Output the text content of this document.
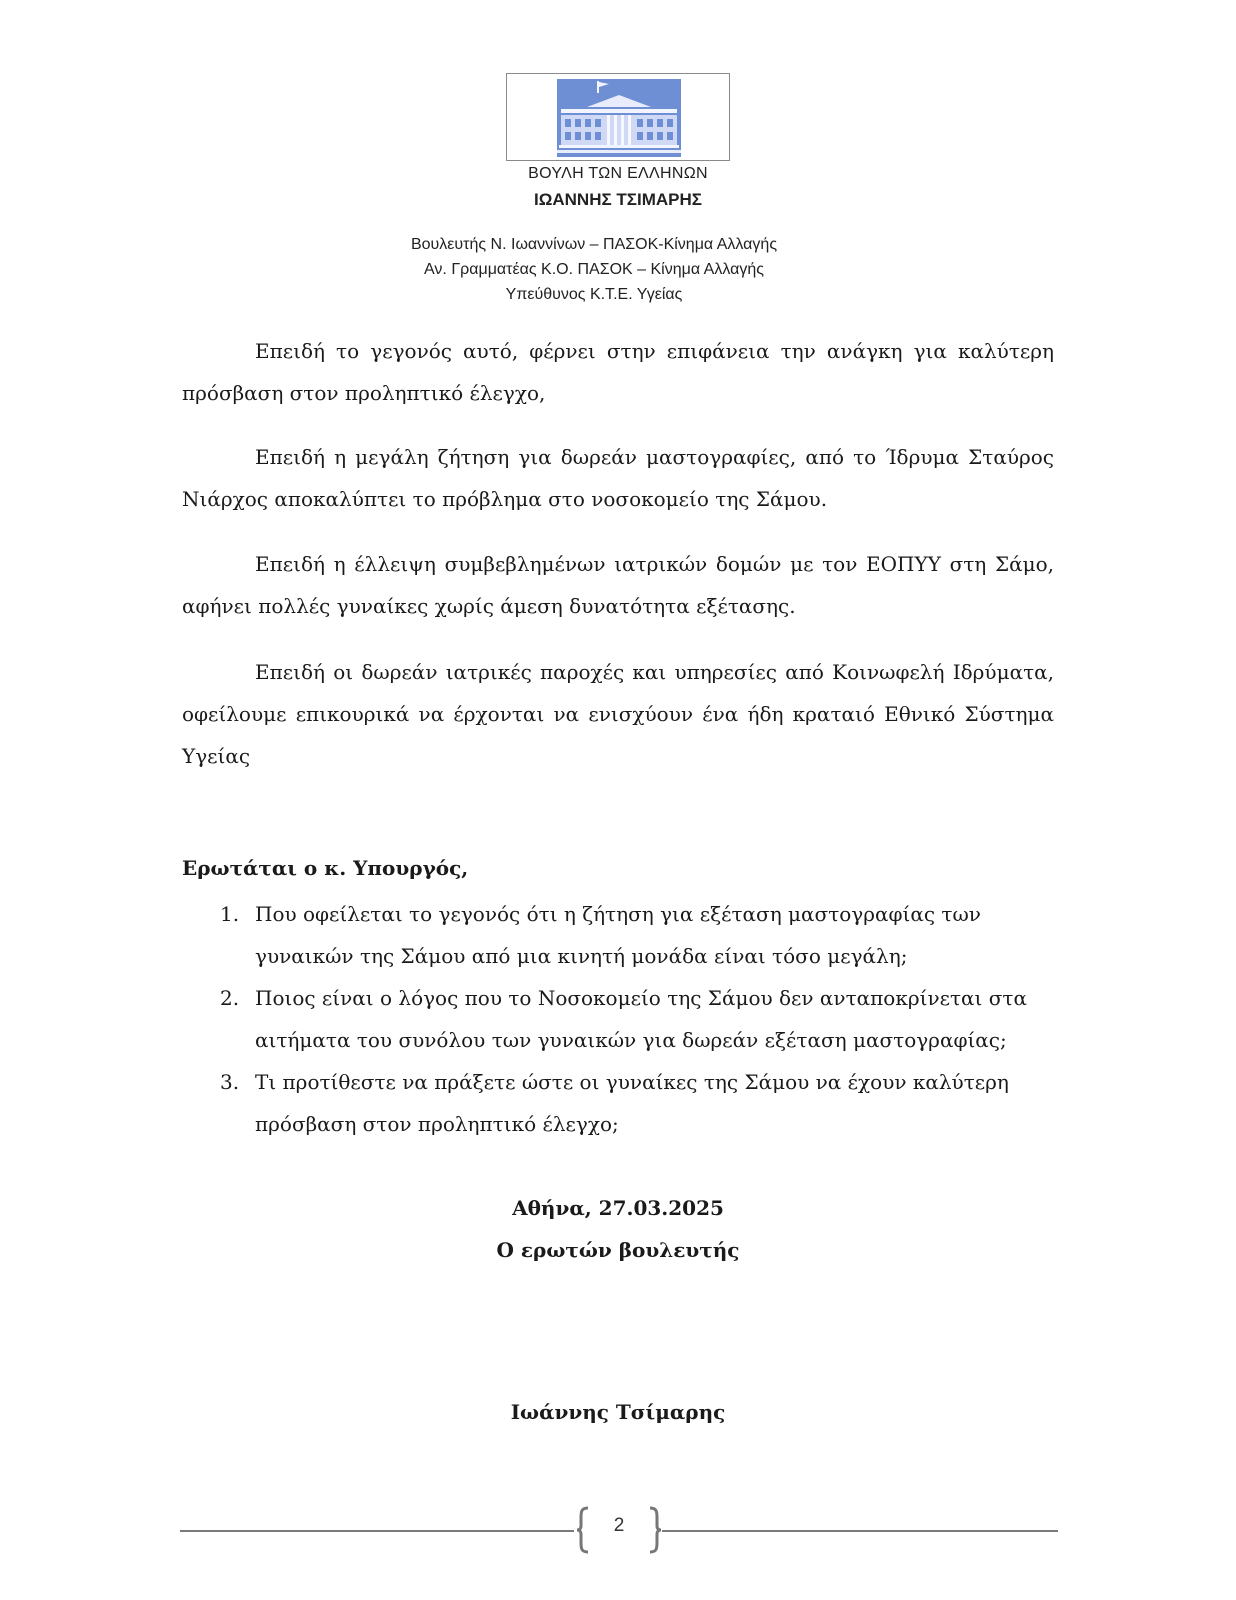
ΒΟΥΛΗ ΤΩΝ ΕΛΛΗΝΩΝ
ΙΩΑΝΝΗΣ ΤΣΙΜΑΡΗΣ
Βουλευτής Ν. Ιωαννίνων – ΠΑΣΟΚ-Κίνημα Αλλαγής
Αν. Γραμματέας Κ.Ο. ΠΑΣΟΚ – Κίνημα Αλλαγής
Υπεύθυνος Κ.Τ.Ε. Υγείας

Επειδή το γεγονός αυτό, φέρνει στην επιφάνεια την ανάγκη για καλύτερη πρόσβαση στον προληπτικό έλεγχο,

Επειδή η μεγάλη ζήτηση για δωρεάν μαστογραφίες, από το Ίδρυμα Σταύρος Νιάρχος αποκαλύπτει το πρόβλημα στο νοσοκομείο της Σάμου.

Επειδή η έλλειψη συμβεβλημένων ιατρικών δομών με τον ΕΟΠΥΥ στη Σάμο, αφήνει πολλές γυναίκες χωρίς άμεση δυνατότητα εξέτασης.

Επειδή οι δωρεάν ιατρικές παροχές και υπηρεσίες από Κοινωφελή Ιδρύματα, οφείλουμε επικουρικά να έρχονται να ενισχύουν ένα ήδη κραταιό Εθνικό Σύστημα Υγείας

Ερωτάται ο κ. Υπουργός,

1. Που οφείλεται το γεγονός ότι η ζήτηση για εξέταση μαστογραφίας των γυναικών της Σάμου από μια κινητή μονάδα είναι τόσο μεγάλη;
2. Ποιος είναι ο λόγος που το Νοσοκομείο της Σάμου δεν ανταποκρίνεται στα αιτήματα του συνόλου των γυναικών για δωρεάν εξέταση μαστογραφίας;
3. Τι προτίθεστε να πράξετε ώστε οι γυναίκες της Σάμου να έχουν καλύτερη πρόσβαση στον προληπτικό έλεγχο;
Αθήνα, 27.03.2025
Ο ερωτών βουλευτής
Ιωάννης Τσίμαρης
2
